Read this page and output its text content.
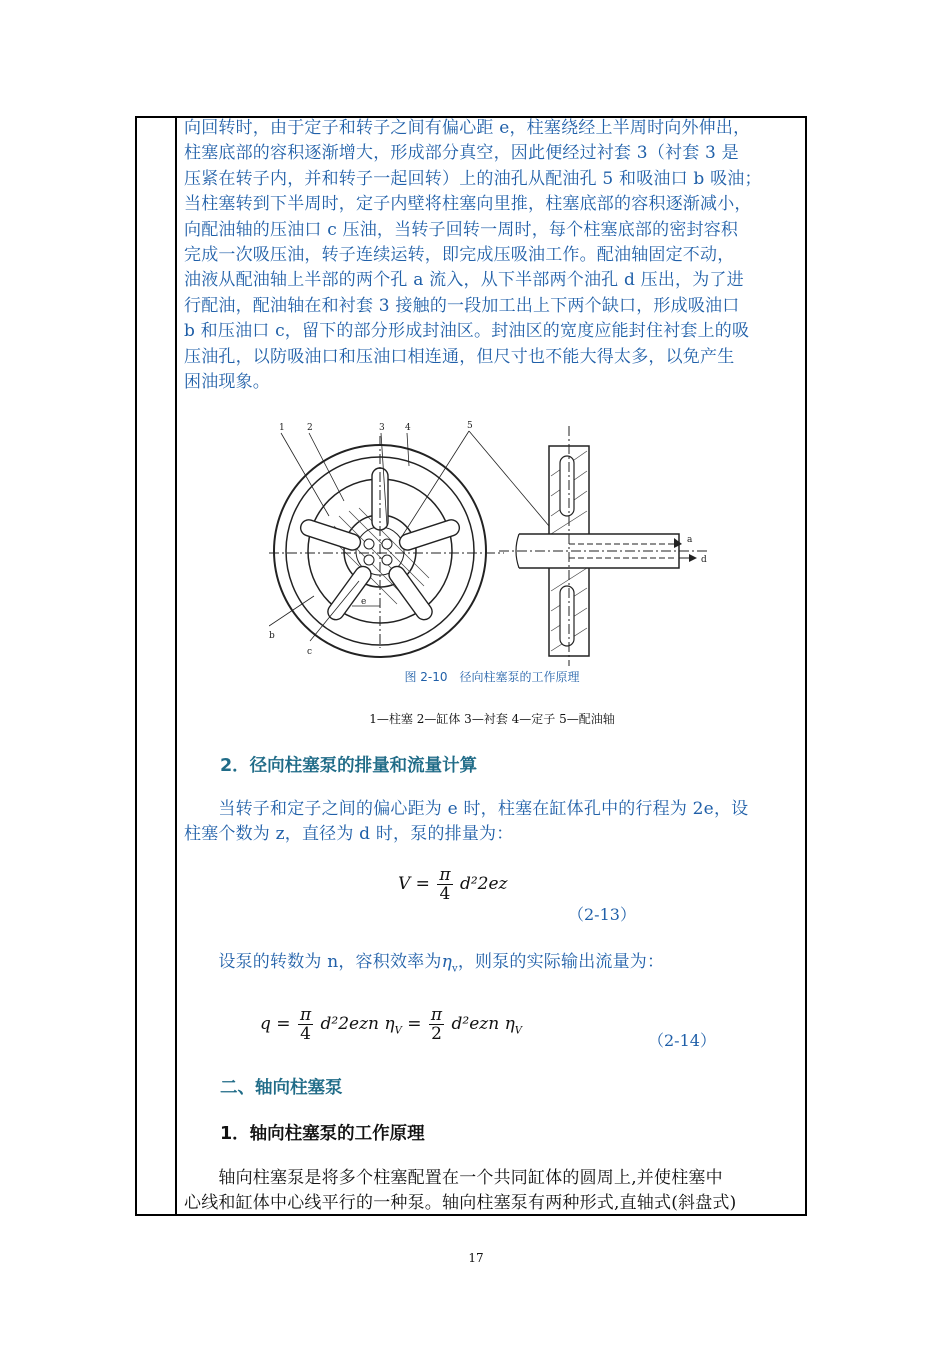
向回转时，由于定子和转子之间有偏心距 e，柱塞绕经上半周时向外伸出，
柱塞底部的容积逐渐增大，形成部分真空，因此便经过衬套 3（衬套 3 是
压紧在转子内，并和转子一起回转）上的油孔从配油孔 5 和吸油口 b 吸油；
当柱塞转到下半周时，定子内壁将柱塞向里推，柱塞底部的容积逐渐减小，
向配油轴的压油口 c 压油，当转子回转一周时，每个柱塞底部的密封容积
完成一次吸压油，转子连续运转，即完成压吸油工作。配油轴固定不动，
油液从配油轴上半部的两个孔 a 流入，从下半部两个油孔 d 压出，为了进
行配油，配油轴在和衬套 3 接触的一段加工出上下两个缺口，形成吸油口
b 和压油口 c，留下的部分形成封油区。封油区的宽度应能封住衬套上的吸
压油孔，以防吸油口和压油口相连通，但尺寸也不能大得太多，以免产生
困油现象。
1 2	3 4	5
b
c
e
a
d
图 2-10　径向柱塞泵的工作原理
1—柱塞 2—缸体 3—衬套 4—定子 5—配油轴
2．径向柱塞泵的排量和流量计算
　　当转子和定子之间的偏心距为 e 时，柱塞在缸体孔中的行程为 2e，设
柱塞个数为 z，直径为 d 时，泵的排量为：
$V = \frac{\pi}{4} d^22ez$
（2-13）
　　设泵的转数为 n，容积效率为$\eta_v$，则泵的实际输出流量为：
$q = \frac{\pi}{4} d^22ezn$ $\eta_V = \frac{\pi}{2} d^2ezn$ $\eta_V$
（2-14）
二、轴向柱塞泵
1．轴向柱塞泵的工作原理
　　轴向柱塞泵是将多个柱塞配置在一个共同缸体的圆周上,并使柱塞中
心线和缸体中心线平行的一种泵。轴向柱塞泵有两种形式,直轴式(斜盘式)
17
